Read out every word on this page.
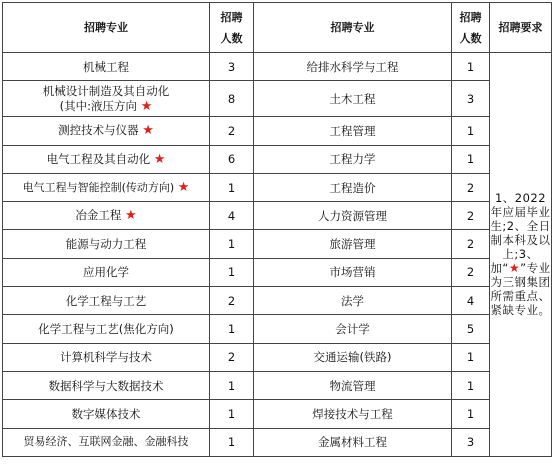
招聘专业	招聘
人数	招聘专业	招聘
人数	招聘要求
机械工程	3	给排水科学与工程	1	1、2022年应届毕业生;2、全日制本科及以上;3、加“★”专业为三钢集团所需重点、紧缺专业。
机械设计制造及其自动化
(其中:液压方向 ★	8	土木工程	3	
测控技术与仪器 ★	2	工程管理	1	
电气工程及其自动化 ★	6	工程力学	1	
电气工程与智能控制(传动方向) ★	1	工程造价	2	
冶金工程 ★	4	人力资源管理	2	
能源与动力工程	1	旅游管理	2	
应用化学	1	市场营销	2	
化学工程与工艺	2	法学	4	
化学工程与工艺(焦化方向)	1	会计学	5	
计算机科学与技术	2	交通运输(铁路)	1	
数据科学与大数据技术	1	物流管理	1	
数字媒体技术	1	焊接技术与工程	1	
贸易经济、互联网金融、金融科技	1	金属材料工程	3	
